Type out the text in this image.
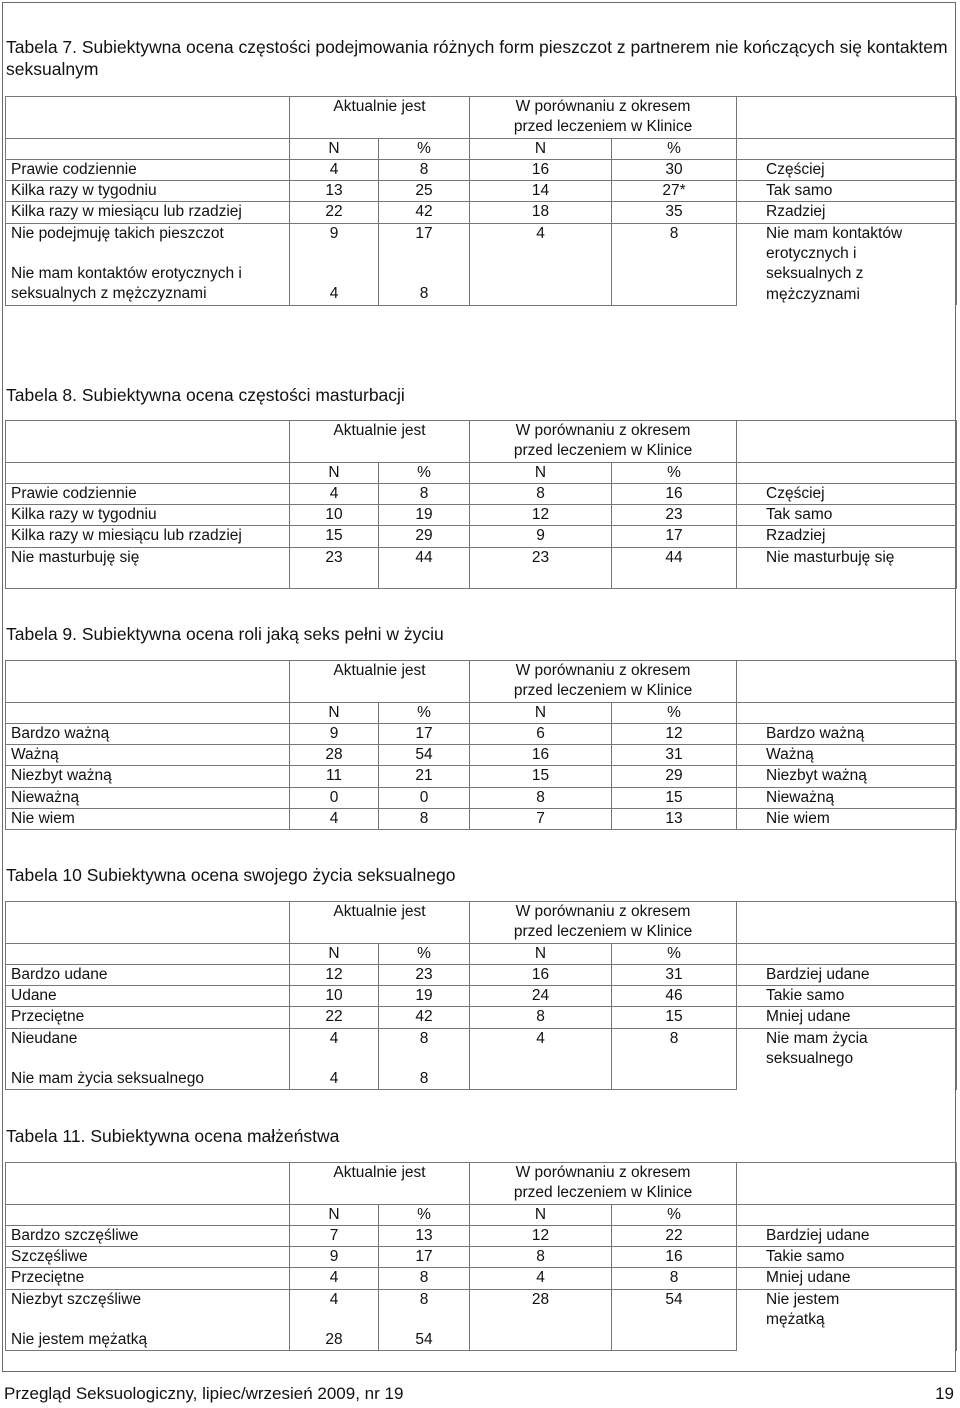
Tabela 7. Subiektywna ocena częstości podejmowania różnych form pieszczot z partnerem nie kończących się kontaktem seksualnym
	Aktualnie jest		W porównaniu z okresem
przed leczeniem w Klinice		
	N	%	N	%	
Prawie codziennie	4	8	16	30	Częściej
Kilka razy w tygodniu	13	25	14	27*	Tak samo
Kilka razy w miesiącu lub rzadziej	22	42	18	35	Rzadziej
Nie podejmuję takich pieszczot	9	17	4	8	Nie mam kontaktów erotycznych i seksualnych z mężczyznami
Nie mam kontaktów erotycznych i seksualnych z mężczyznami	4	8			
Tabela 8. Subiektywna ocena częstości masturbacji
	Aktualnie jest		W porównaniu z okresem
przed leczeniem w Klinice		
	N	%	N	%	
Prawie codziennie	4	8	8	16	Częściej
Kilka razy w tygodniu	10	19	12	23	Tak samo
Kilka razy w miesiącu lub rzadziej	15	29	9	17	Rzadziej
Nie masturbuję się	23	44	23	44	Nie masturbuję się
Tabela 9. Subiektywna ocena roli jaką seks pełni w życiu
	Aktualnie jest		W porównaniu z okresem
przed leczeniem w Klinice		
	N	%	N	%	
Bardzo ważną	9	17	6	12	Bardzo ważną
Ważną	28	54	16	31	Ważną
Niezbyt ważną	11	21	15	29	Niezbyt ważną
Nieważną	0	0	8	15	Nieważną
Nie wiem	4	8	7	13	Nie wiem
Tabela 10 Subiektywna ocena swojego życia seksualnego
	Aktualnie jest		W porównaniu z okresem
przed leczeniem w Klinice		
	N	%	N	%	
Bardzo udane	12	23	16	31	Bardziej udane
Udane	10	19	24	46	Takie samo
Przeciętne	22	42	8	15	Mniej udane
Nieudane	4	8	4	8	Nie mam życia seksualnego
Nie mam życia seksualnego	4	8			
Tabela 11. Subiektywna ocena małżeństwa
	Aktualnie jest		W porównaniu z okresem
przed leczeniem w Klinice		
	N	%	N	%	
Bardzo szczęśliwe	7	13	12	22	Bardziej udane
Szczęśliwe	9	17	8	16	Takie samo
Przeciętne	4	8	4	8	Mniej udane
Niezbyt szczęśliwe	4	8	28	54	Nie jestem mężatką
Nie jestem mężatką	28	54			
Przegląd Seksuologiczny, lipiec/wrzesień 2009, nr 19	19
